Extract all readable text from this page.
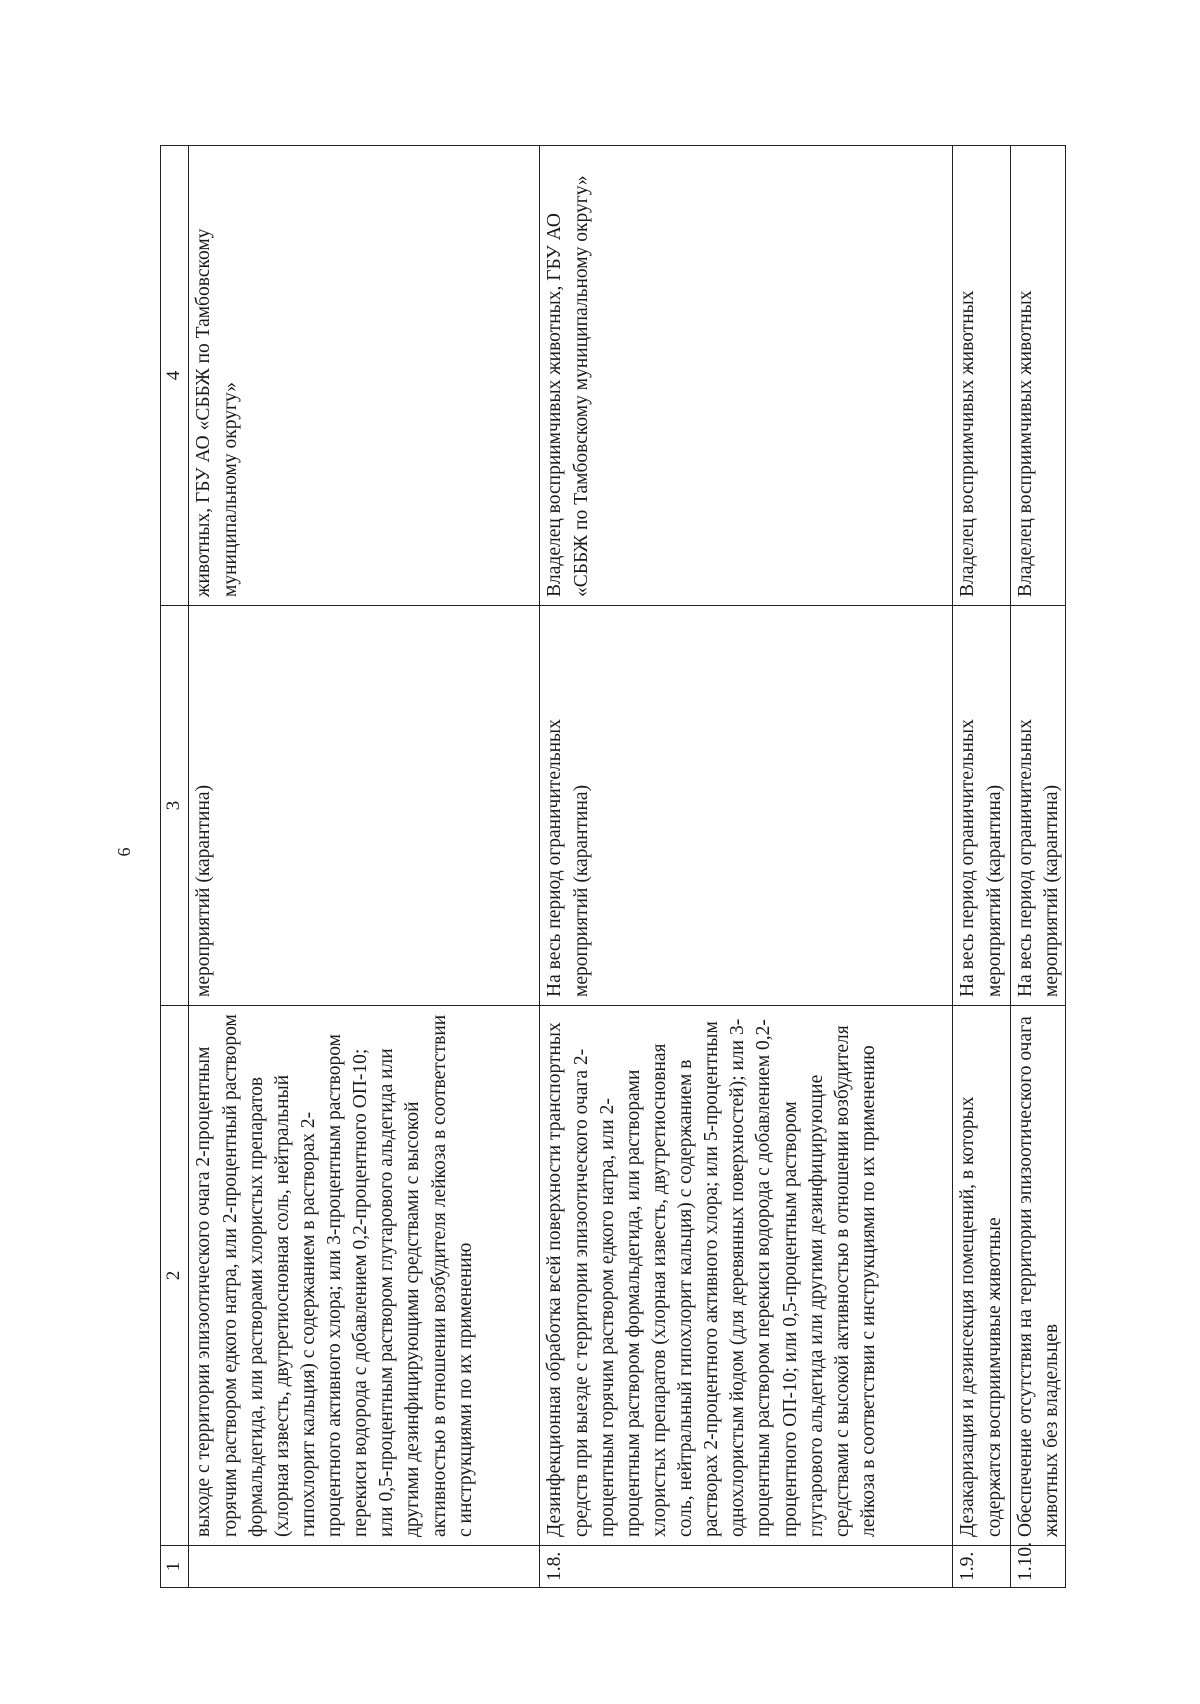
6
1	2	3	4
	выходе с территории эпизоотического очага 2-процентным горячим раствором едкого натра, или 2-процентный раствором формальдегида, или растворами хлористых препаратов (хлорная известь, двутретиосновная соль, нейтральный гипохлорит кальция) с содержанием в растворах 2-процентного активного хлора; или 3-процентным раствором перекиси водорода с добавлением 0,2-процентного ОП-10; или 0,5-процентным раствором глутарового альдегида или другими дезинфицирующими средствами с высокой активностью в отношении возбудителя лейкоза в соответствии с инструкциями по их применению	мероприятий (карантина)	животных, ГБУ АО «СББЖ по Тамбовскому муниципальному округу»
1.8.	Дезинфекционная обработка всей поверхности транспортных средств при выезде с территории эпизоотического очага 2-процентным горячим раствором едкого натра, или 2-процентным раствором формальдегида, или растворами хлористых препаратов (хлорная известь, двутретиосновная соль, нейтральный гипохлорит кальция) с содержанием в растворах 2-процентного активного хлора; или 5-процентным однохлористым йодом (для деревянных поверхностей); или 3-процентным раствором перекиси водорода с добавлением 0,2-процентного ОП-10; или 0,5-процентным раствором глутарового альдегида или другими дезинфицирующие средствами с высокой активностью в отношении возбудителя лейкоза в соответствии с инструкциями по их применению	На весь период ограничительных мероприятий (карантина)	Владелец восприимчивых животных, ГБУ АО «СББЖ по Тамбовскому муниципальному округу»
1.9.	Дезакаризация и дезинсекция помещений, в которых содержатся восприимчивые животные	На весь период ограничительных мероприятий (карантина)	Владелец восприимчивых животных

1.10.	Обеспечение отсутствия на территории эпизоотического очага животных без владельцев	На весь период ограничительных мероприятий (карантина)	Владелец восприимчивых животных
